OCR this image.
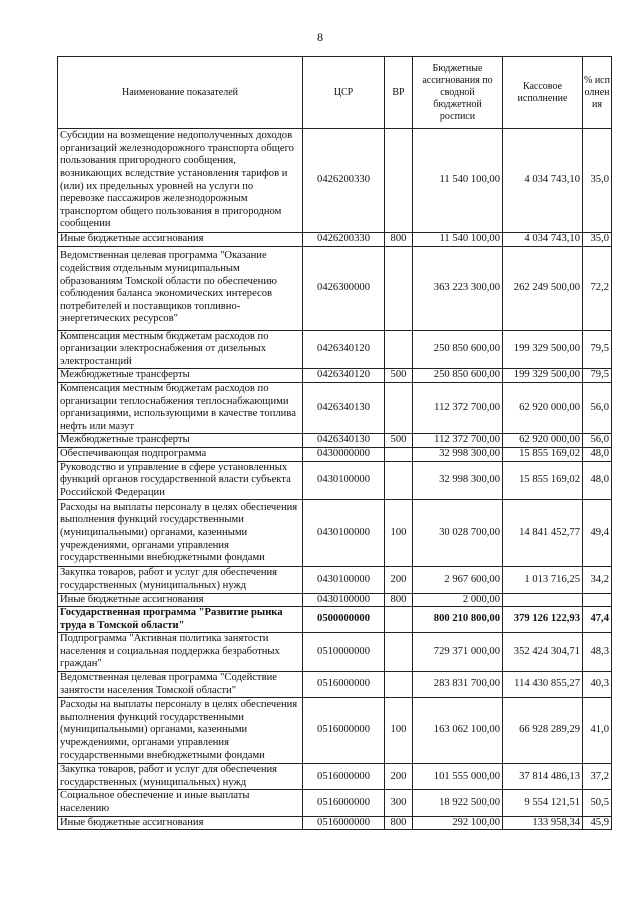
8
Наименование показателей	ЦСР	ВР	Бюджетные ассигнования по сводной бюджетной росписи	Кассовое исполнение	% исполнения
Субсидии на возмещение недополученных доходов организаций железнодорожного транспорта общего пользования пригородного сообщения, возникающих вследствие установления тарифов и (или) их предельных уровней на услуги по перевозке пассажиров железнодорожным транспортом общего пользования в пригородном сообщении	0426200330		11 540 100,00	4 034 743,10	35,0
Иные бюджетные ассигнования	0426200330	800	11 540 100,00	4 034 743,10	35,0
Ведомственная целевая программа "Оказание содействия отдельным муниципальным образованиям Томской области по обеспечению соблюдения баланса экономических интересов потребителей и поставщиков топливно-энергетических ресурсов"	0426300000		363 223 300,00	262 249 500,00	72,2
Компенсация местным бюджетам расходов по организации электроснабжения от дизельных электростанций	0426340120		250 850 600,00	199 329 500,00	79,5
Межбюджетные трансферты	0426340120	500	250 850 600,00	199 329 500,00	79,5
Компенсация местным бюджетам расходов по организации теплоснабжения теплоснабжающими организациями, использующими в качестве топлива нефть или мазут	0426340130		112 372 700,00	62 920 000,00	56,0
Межбюджетные трансферты	0426340130	500	112 372 700,00	62 920 000,00	56,0
Обеспечивающая подпрограмма	0430000000		32 998 300,00	15 855 169,02	48,0
Руководство и управление в сфере установленных функций органов государственной власти субъекта Российской Федерации	0430100000		32 998 300,00	15 855 169,02	48,0
Расходы на выплаты персоналу в целях обеспечения выполнения функций государственными (муниципальными) органами, казенными учреждениями, органами управления государственными внебюджетными фондами	0430100000	100	30 028 700,00	14 841 452,77	49,4
Закупка товаров, работ и услуг для обеспечения государственных (муниципальных) нужд	0430100000	200	2 967 600,00	1 013 716,25	34,2
Иные бюджетные ассигнования	0430100000	800	2 000,00		
Государственная программа "Развитие рынка труда в Томской области"	0500000000		800 210 800,00	379 126 122,93	47,4
Подпрограмма "Активная политика занятости населения и социальная поддержка безработных граждан"	0510000000		729 371 000,00	352 424 304,71	48,3
Ведомственная целевая программа "Содействие занятости населения Томской области"	0516000000		283 831 700,00	114 430 855,27	40,3
Расходы на выплаты персоналу в целях обеспечения выполнения функций государственными (муниципальными) органами, казенными учреждениями, органами управления государственными внебюджетными фондами	0516000000	100	163 062 100,00	66 928 289,29	41,0
Закупка товаров, работ и услуг для обеспечения государственных (муниципальных) нужд	0516000000	200	101 555 000,00	37 814 486,13	37,2
Социальное обеспечение и иные выплаты населению	0516000000	300	18 922 500,00	9 554 121,51	50,5
Иные бюджетные ассигнования	0516000000	800	292 100,00	133 958,34	45,9
